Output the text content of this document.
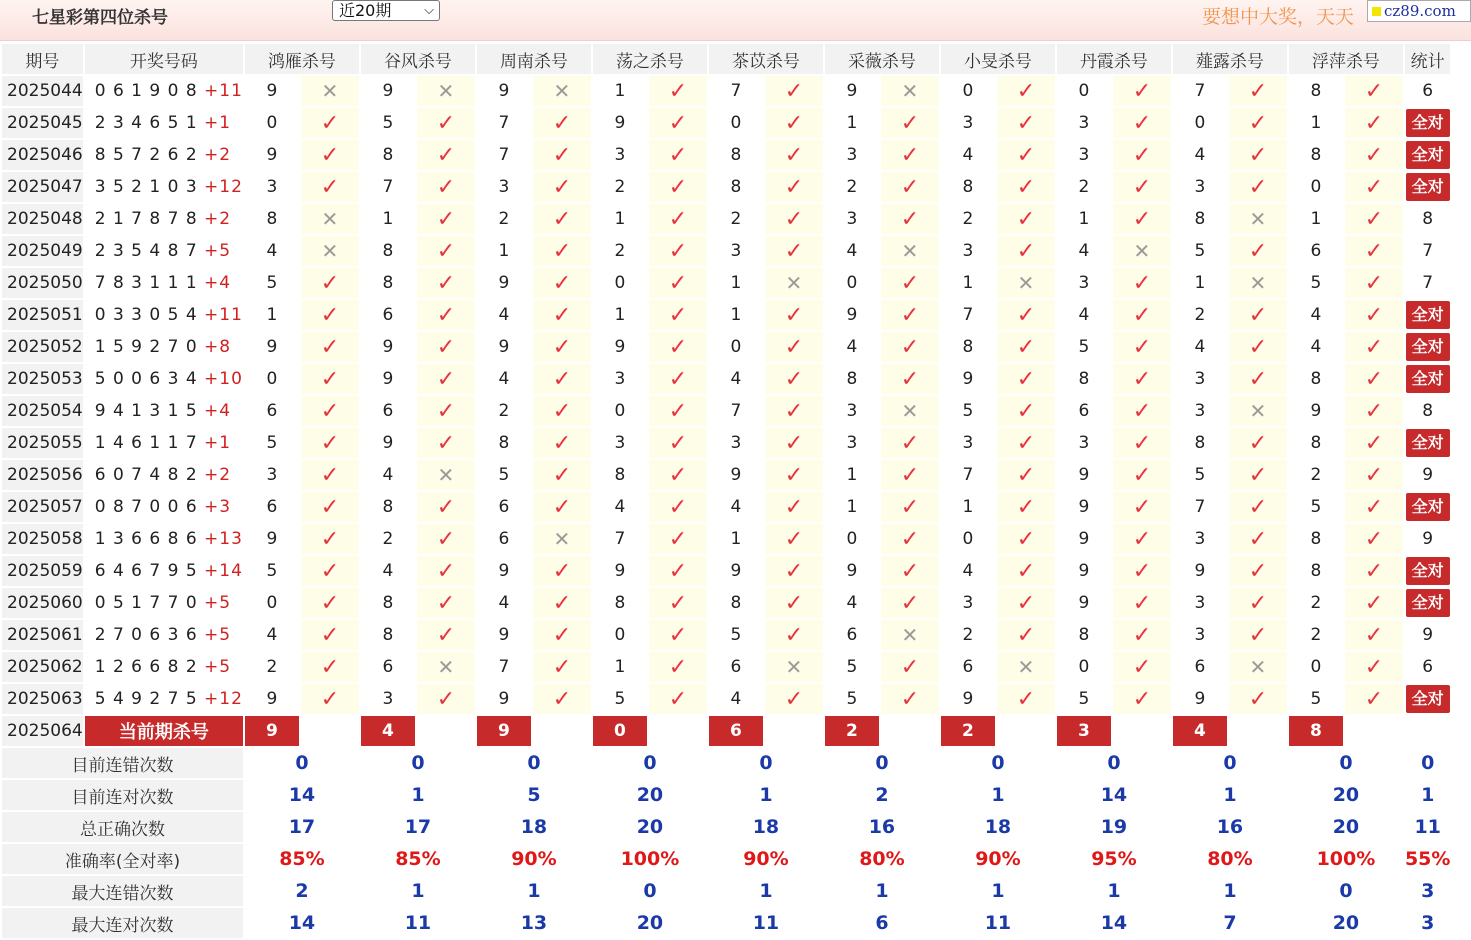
七星彩第四位杀号	近20期	⌵	要想中大奖，天天	cz89.com
期号	开奖号码	鸿雁杀号		谷风杀号		周南杀号		荡之杀号		茶苡杀号		采薇杀号		小旻杀号		丹霞杀号		薤露杀号		浮萍杀号		统计
2025044	0 6 1 9 0 8 +11	9	✕	9	✕	9	✕	1	✓	7	✓	9	✕	0	✓	0	✓	7	✓	8	✓	6
2025045	2 3 4 6 5 1 +1	0	✓	5	✓	7	✓	9	✓	0	✓	1	✓	3	✓	3	✓	0	✓	1	✓	全对

2025046	8 5 7 2 6 2 +2	9	✓	8	✓	7	✓	3	✓	8	✓	3	✓	4	✓	3	✓	4	✓	8	✓	全对

2025047	3 5 2 1 0 3 +12	3	✓	7	✓	3	✓	2	✓	8	✓	2	✓	8	✓	2	✓	3	✓	0	✓	全对

2025048	2 1 7 8 7 8 +2	8	✕	1	✓	2	✓	1	✓	2	✓	3	✓	2	✓	1	✓	8	✕	1	✓	8
2025049	2 3 5 4 8 7 +5	4	✕	8	✓	1	✓	2	✓	3	✓	4	✕	3	✓	4	✕	5	✓	6	✓	7
2025050	7 8 3 1 1 1 +4	5	✓	8	✓	9	✓	0	✓	1	✕	0	✓	1	✕	3	✓	1	✕	5	✓	7
2025051	0 3 3 0 5 4 +11	1	✓	6	✓	4	✓	1	✓	1	✓	9	✓	7	✓	4	✓	2	✓	4	✓	全对

2025052	1 5 9 2 7 0 +8	9	✓	9	✓	9	✓	9	✓	0	✓	4	✓	8	✓	5	✓	4	✓	4	✓	全对

2025053	5 0 0 6 3 4 +10	0	✓	9	✓	4	✓	3	✓	4	✓	8	✓	9	✓	8	✓	3	✓	8	✓	全对

2025054	9 4 1 3 1 5 +4	6	✓	6	✓	2	✓	0	✓	7	✓	3	✕	5	✓	6	✓	3	✕	9	✓	8
2025055	1 4 6 1 1 7 +1	5	✓	9	✓	8	✓	3	✓	3	✓	3	✓	3	✓	3	✓	8	✓	8	✓	全对

2025056	6 0 7 4 8 2 +2	3	✓	4	✕	5	✓	8	✓	9	✓	1	✓	7	✓	9	✓	5	✓	2	✓	9
2025057	0 8 7 0 0 6 +3	6	✓	8	✓	6	✓	4	✓	4	✓	1	✓	1	✓	9	✓	7	✓	5	✓	全对

2025058	1 3 6 6 8 6 +13	9	✓	2	✓	6	✕	7	✓	1	✓	0	✓	0	✓	9	✓	3	✓	8	✓	9
2025059	6 4 6 7 9 5 +14	5	✓	4	✓	9	✓	9	✓	9	✓	9	✓	4	✓	9	✓	9	✓	8	✓	全对

2025060	0 5 1 7 7 0 +5	0	✓	8	✓	4	✓	8	✓	8	✓	4	✓	3	✓	9	✓	3	✓	2	✓	全对

2025061	2 7 0 6 3 6 +5	4	✓	8	✓	9	✓	0	✓	5	✓	6	✕	2	✓	8	✓	3	✓	2	✓	9
2025062	1 2 6 6 8 2 +5	2	✓	6	✕	7	✓	1	✓	6	✕	5	✓	6	✕	0	✓	6	✕	0	✓	6
2025063	5 4 9 2 7 5 +12	9	✓	3	✓	9	✓	5	✓	4	✓	5	✓	9	✓	5	✓	9	✓	5	✓	全对

2025064	当前期杀号	9		4		9		0		6		2		2		3		4		8		
目前连错次数		0		0		0		0		0		0		0		0		0		0		0
目前连对次数		14		1		5		20		1		2		1		14		1		20		1
总正确次数		17		17		18		20		18		16		18		19		16		20		11
准确率(全对率)		85%		85%		90%		100%		90%		80%		90%		95%		80%		100%		55%
最大连错次数		2		1		1		0		1		1		1		1		1		0		3
最大连对次数		14		11		13		20		11		6		11		14		7		20		3
